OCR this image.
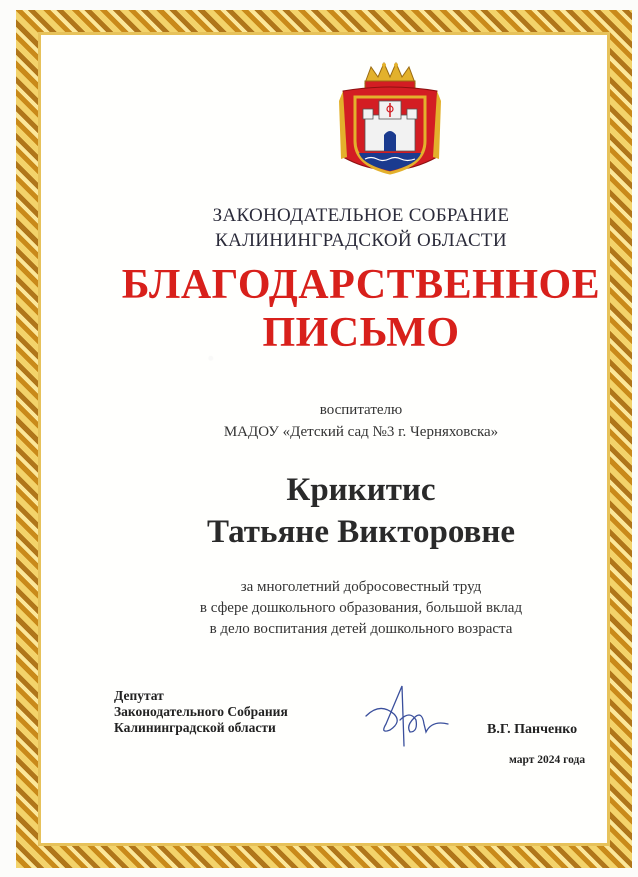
ЗАКОНОДАТЕЛЬНОЕ СОБРАНИЕ
КАЛИНИНГРАДСКОЙ ОБЛАСТИ
БЛАГОДАРСТВЕННОЕ
ПИСЬМО
воспитателю
МАДОУ «Детский сад №3 г. Черняховска»
Крикитис
Татьяне Викторовне
за многолетний добросовестный труд
в сфере дошкольного образования, большой вклад
в дело воспитания детей дошкольного возраста
Депутат
Законодательного Собрания
Калининградской области	В.Г. Панченко
март 2024 года
